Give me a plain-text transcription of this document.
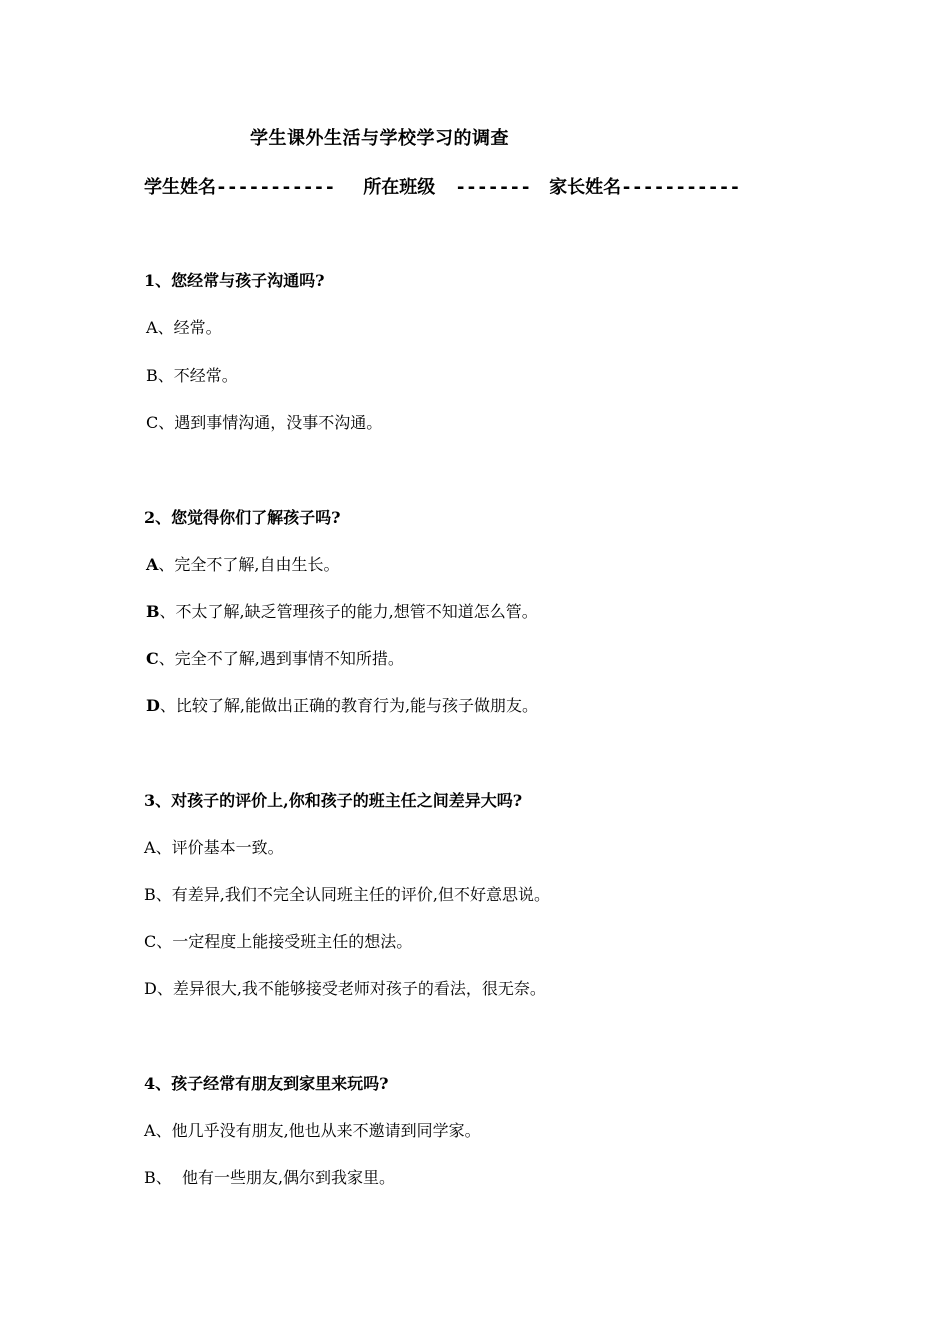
学生课外生活与学校学习的调查
学生姓名----------- 所在班级 ------- 家长姓名-----------
1、您经常与孩子沟通吗?
A、经常。
B、不经常。
C、遇到事情沟通，没事不沟通。
2、您觉得你们了解孩子吗?
A、完全不了解,自由生长。
B、不太了解,缺乏管理孩子的能力,想管不知道怎么管。
C、完全不了解,遇到事情不知所措。
D、比较了解,能做出正确的教育行为,能与孩子做朋友。
3、对孩子的评价上,你和孩子的班主任之间差异大吗?
A、评价基本一致。
B、有差异,我们不完全认同班主任的评价,但不好意思说。
C、一定程度上能接受班主任的想法。
D、差异很大,我不能够接受老师对孩子的看法，很无奈。
4、孩子经常有朋友到家里来玩吗?
A、他几乎没有朋友,他也从来不邀请到同学家。
B、  他有一些朋友,偶尔到我家里。
